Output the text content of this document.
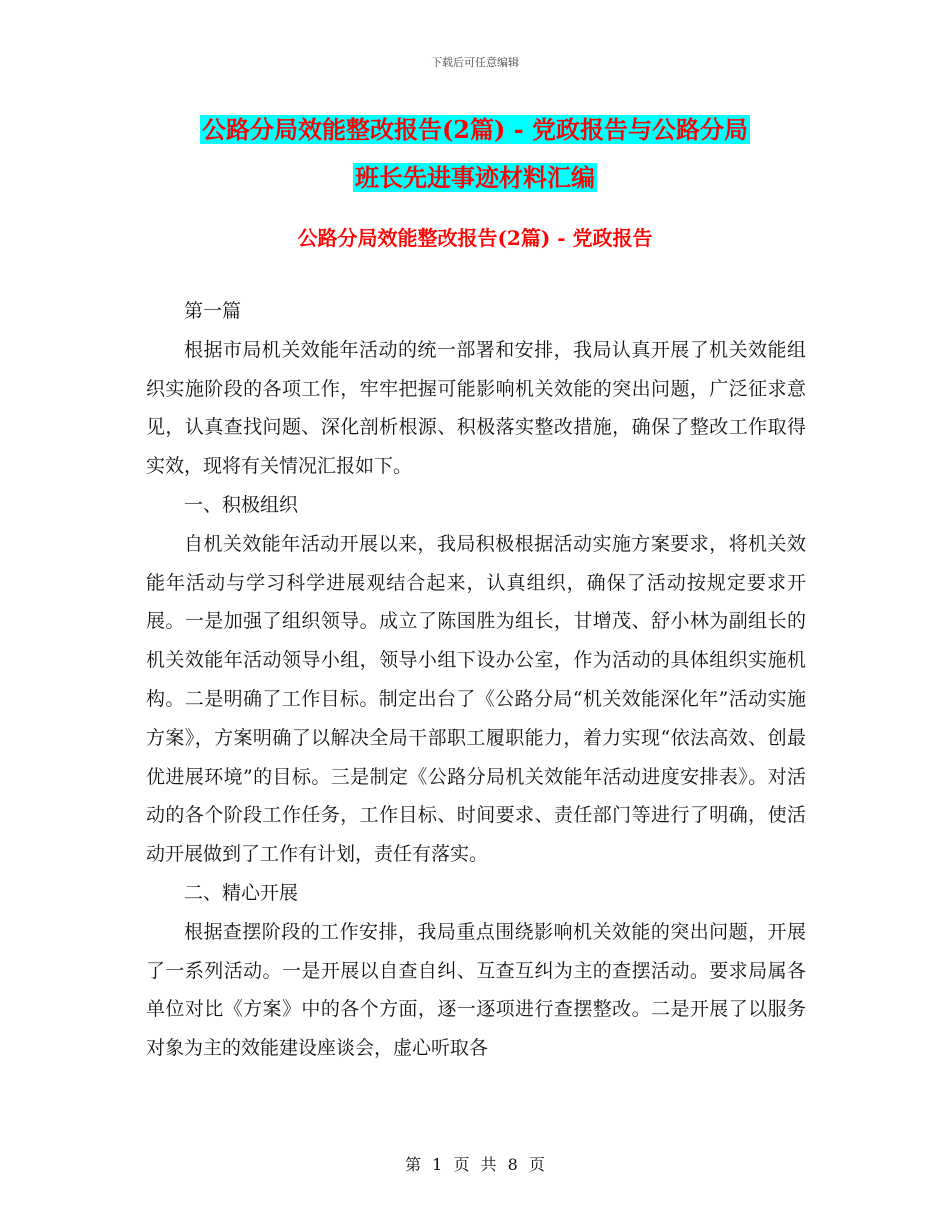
下载后可任意编辑
公路分局效能整改报告(2篇) - 党政报告与公路分局
班长先进事迹材料汇编
公路分局效能整改报告(2篇) - 党政报告

第一篇

根据市局机关效能年活动的统一部署和安排，我局认真开展了机关效能组织实施阶段的各项工作，牢牢把握可能影响机关效能的突出问题，广泛征求意见，认真查找问题、深化剖析根源、积极落实整改措施，确保了整改工作取得实效，现将有关情况汇报如下。

一、积极组织

自机关效能年活动开展以来，我局积极根据活动实施方案要求，将机关效能年活动与学习科学进展观结合起来，认真组织，确保了活动按规定要求开展。一是加强了组织领导。成立了陈国胜为组长，甘增茂、舒小林为副组长的机关效能年活动领导小组，领导小组下设办公室，作为活动的具体组织实施机构。二是明确了工作目标。制定出台了《公路分局“机关效能深化年”活动实施方案》，方案明确了以解决全局干部职工履职能力，着力实现“依法高效、创最优进展环境”的目标。三是制定《公路分局机关效能年活动进度安排表》。对活动的各个阶段工作任务，工作目标、时间要求、责任部门等进行了明确，使活动开展做到了工作有计划，责任有落实。

二、精心开展

根据查摆阶段的工作安排，我局重点围绕影响机关效能的突出问题，开展了一系列活动。一是开展以自查自纠、互查互纠为主的查摆活动。要求局属各单位对比《方案》中的各个方面，逐一逐项进行查摆整改。二是开展了以服务对象为主的效能建设座谈会，虚心听取各

第 1 页 共 8 页
